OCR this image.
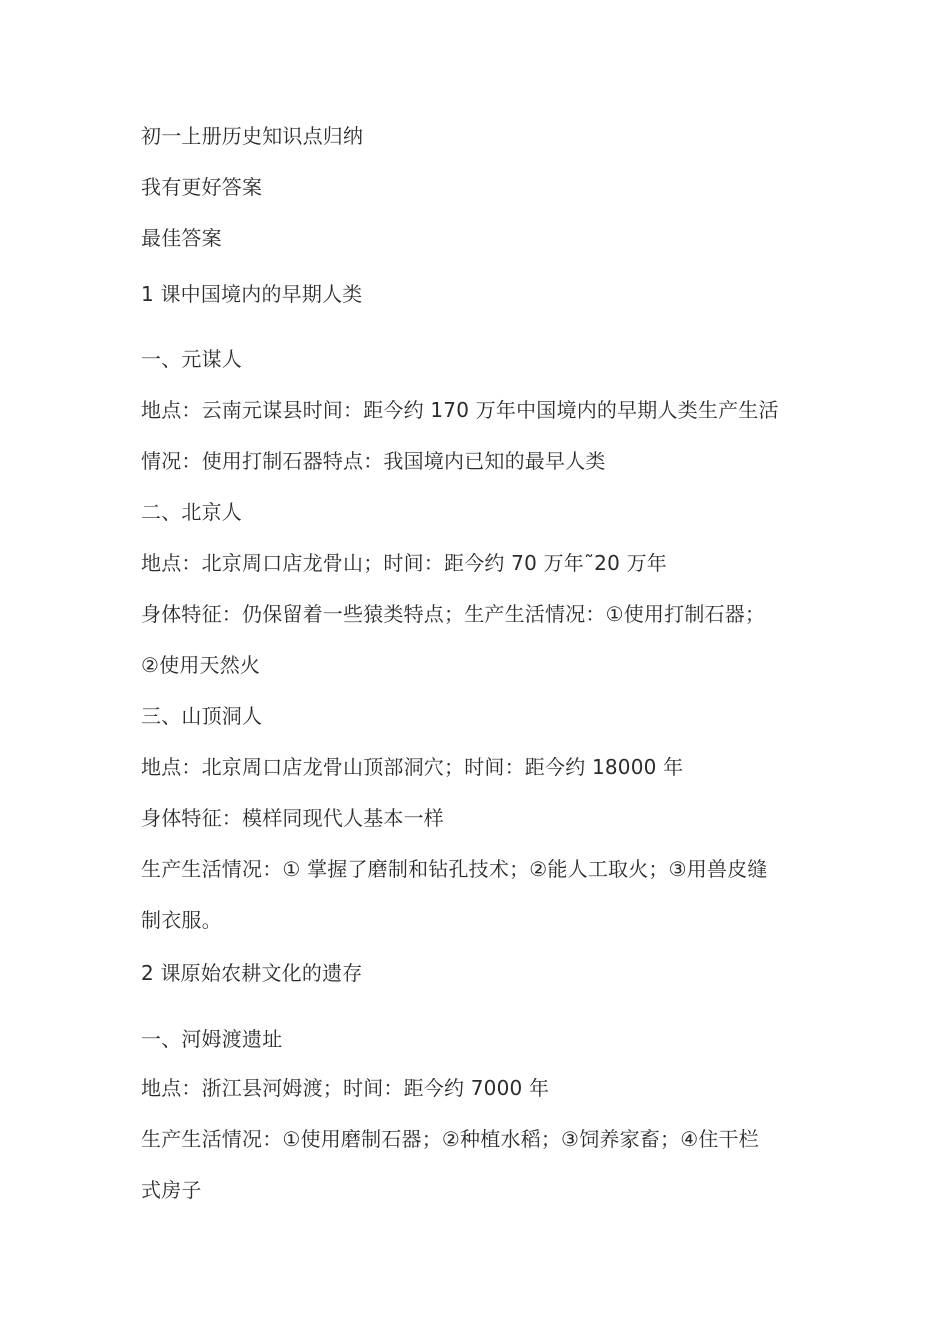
初一上册历史知识点归纳
我有更好答案
最佳答案
1 课中国境内的早期人类
一、元谋人
地点：云南元谋县时间：距今约 170 万年中国境内的早期人类生产生活
情况：使用打制石器特点：我国境内已知的最早人类
二、北京人
地点：北京周口店龙骨山；时间：距今约 70 万年˜20 万年
身体特征：仍保留着一些猿类特点；生产生活情况：①使用打制石器；
②使用天然火
三、山顶洞人
地点：北京周口店龙骨山顶部洞穴；时间：距今约 18000 年
身体特征：模样同现代人基本一样
生产生活情况：① 掌握了磨制和钻孔技术；②能人工取火；③用兽皮缝
制衣服。
2 课原始农耕文化的遗存
一、河姆渡遗址
地点：浙江县河姆渡；时间：距今约 7000 年
生产生活情况：①使用磨制石器；②种植水稻；③饲养家畜；④住干栏
式房子
